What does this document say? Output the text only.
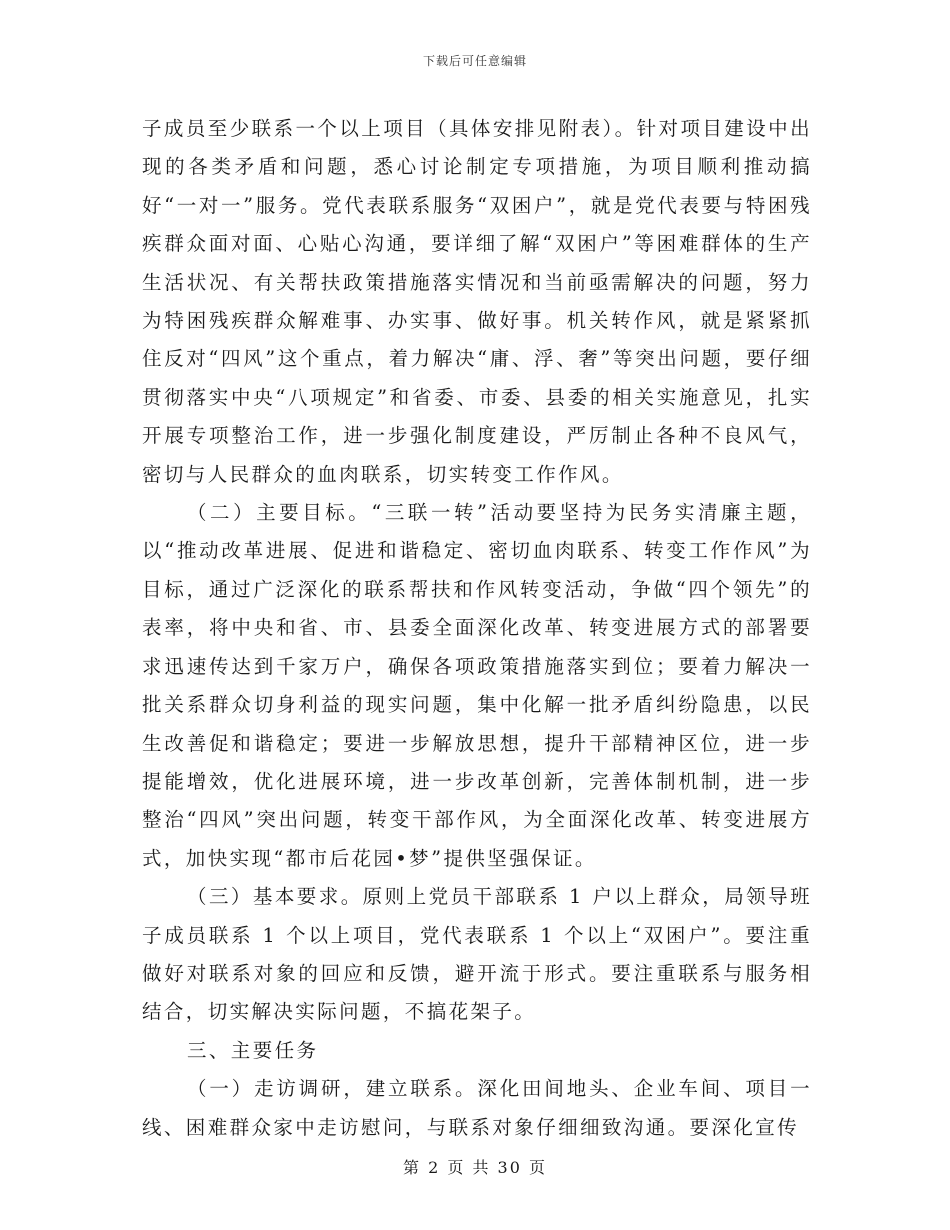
下载后可任意编辑

子成员至少联系一个以上项目（具体安排见附表）。针对项目建设中出现的各类矛盾和问题，悉心讨论制定专项措施，为项目顺利推动搞好“一对一”服务。党代表联系服务“双困户”，就是党代表要与特困残疾群众面对面、心贴心沟通，要详细了解“双困户”等困难群体的生产生活状况、有关帮扶政策措施落实情况和当前亟需解决的问题，努力为特困残疾群众解难事、办实事、做好事。机关转作风，就是紧紧抓住反对“四风”这个重点，着力解决“庸、浮、奢”等突出问题，要仔细贯彻落实中央“八项规定”和省委、市委、县委的相关实施意见，扎实开展专项整治工作，进一步强化制度建设，严厉制止各种不良风气，密切与人民群众的血肉联系，切实转变工作作风。

（二）主要目标。“三联一转”活动要坚持为民务实清廉主题，以“推动改革进展、促进和谐稳定、密切血肉联系、转变工作作风”为目标，通过广泛深化的联系帮扶和作风转变活动，争做“四个领先”的表率，将中央和省、市、县委全面深化改革、转变进展方式的部署要求迅速传达到千家万户，确保各项政策措施落实到位；要着力解决一批关系群众切身利益的现实问题，集中化解一批矛盾纠纷隐患，以民生改善促和谐稳定；要进一步解放思想，提升干部精神区位，进一步提能增效，优化进展环境，进一步改革创新，完善体制机制，进一步整治“四风”突出问题，转变干部作风，为全面深化改革、转变进展方式，加快实现“都市后花园•梦”提供坚强保证。

（三）基本要求。原则上党员干部联系 1 户以上群众，局领导班子成员联系 1 个以上项目，党代表联系 1 个以上“双困户”。要注重做好对联系对象的回应和反馈，避开流于形式。要注重联系与服务相结合，切实解决实际问题，不搞花架子。

三、主要任务

（一）走访调研，建立联系。深化田间地头、企业车间、项目一线、困难群众家中走访慰问，与联系对象仔细细致沟通。要深化宣传

第 2 页 共 30 页
